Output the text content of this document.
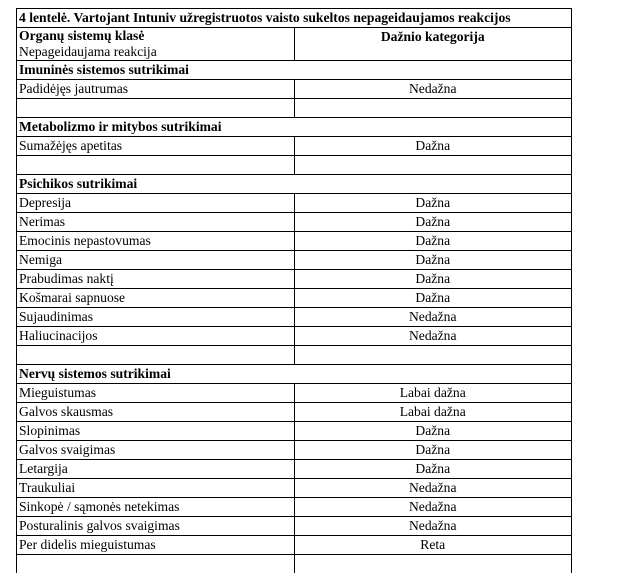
4 lentelė. Vartojant Intuniv užregistruotos vaisto sukeltos nepageidaujamos reakcijos	

Organų sistemų klasė
Nepageidaujama reakcija	Dažnio kategorija
Imuninės sistemos sutrikimai	
Padidėjęs jautrumas	Nedažna

Metabolizmo ir mitybos sutrikimai	
Sumažėjęs apetitas	Dažna

Psichikos sutrikimai	
Depresija	Dažna
Nerimas	Dažna
Emocinis nepastovumas	Dažna
Nemiga	Dažna
Prabudimas naktį	Dažna
Košmarai sapnuose	Dažna
Sujaudinimas	Nedažna
Haliucinacijos	Nedažna

Nervų sistemos sutrikimai	
Mieguistumas	Labai dažna
Galvos skausmas	Labai dažna
Slopinimas	Dažna
Galvos svaigimas	Dažna
Letargija	Dažna
Traukuliai	Nedažna
Sinkopė / sąmonės netekimas	Nedažna
Posturalinis galvos svaigimas	Nedažna
Per didelis mieguistumas	Reta
